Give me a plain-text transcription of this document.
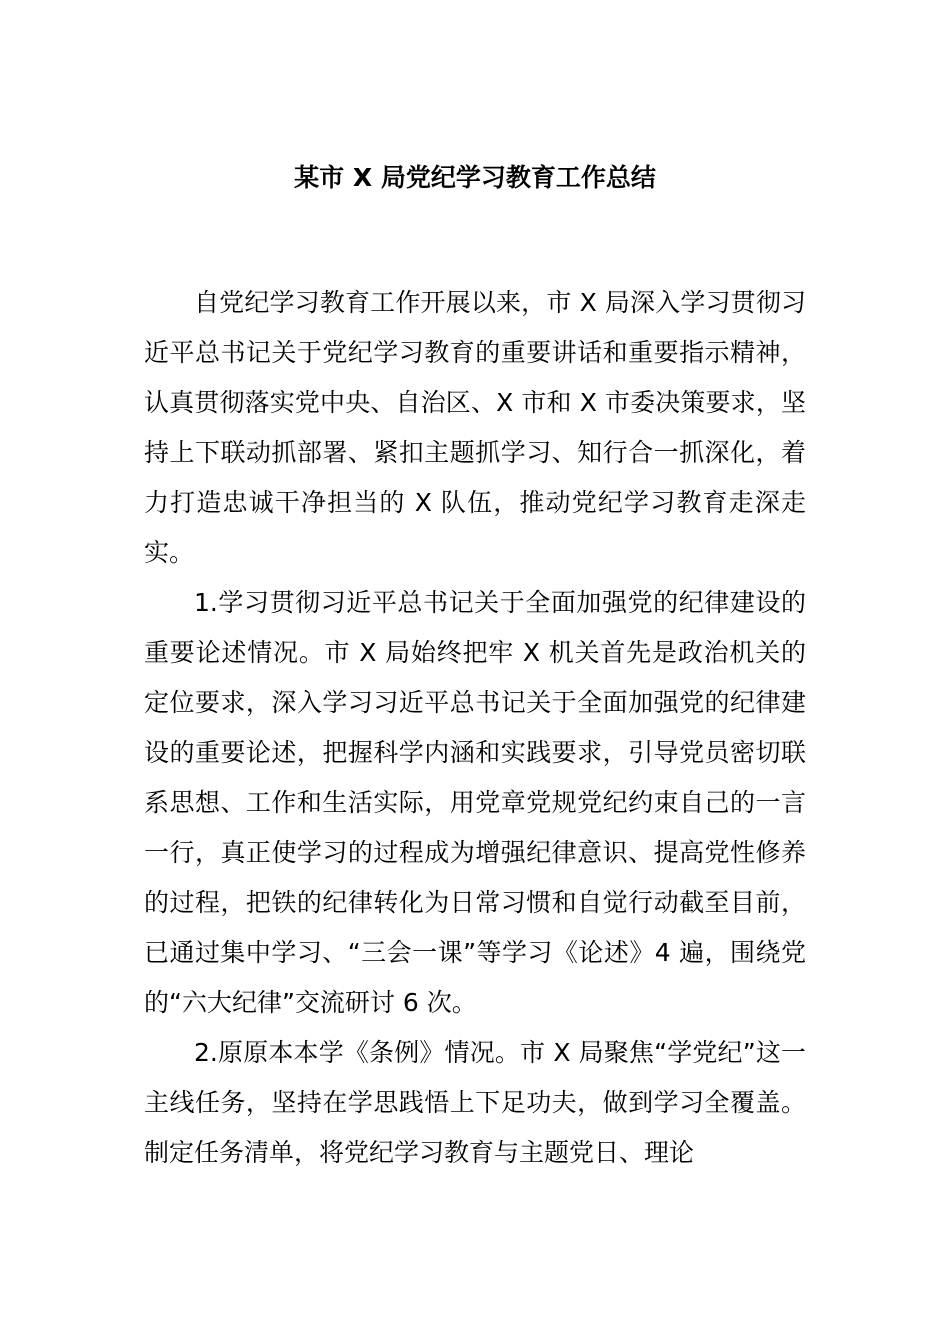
某市 X 局党纪学习教育工作总结

自党纪学习教育工作开展以来，市 X 局深入学习贯彻习近平总书记关于党纪学习教育的重要讲话和重要指示精神，认真贯彻落实党中央、自治区、X 市和 X 市委决策要求，坚持上下联动抓部署、紧扣主题抓学习、知行合一抓深化，着力打造忠诚干净担当的 X 队伍，推动党纪学习教育走深走实。

1.学习贯彻习近平总书记关于全面加强党的纪律建设的重要论述情况。市 X 局始终把牢 X 机关首先是政治机关的定位要求，深入学习习近平总书记关于全面加强党的纪律建设的重要论述，把握科学内涵和实践要求，引导党员密切联系思想、工作和生活实际，用党章党规党纪约束自己的一言一行，真正使学习的过程成为增强纪律意识、提高党性修养的过程，把铁的纪律转化为日常习惯和自觉行动截至目前，已通过集中学习、“三会一课”等学习《论述》4 遍，围绕党的“六大纪律”交流研讨 6 次。

2.原原本本学《条例》情况。市 X 局聚焦“学党纪”这一主线任务，坚持在学思践悟上下足功夫，做到学习全覆盖。制定任务清单，将党纪学习教育与主题党日、理论
